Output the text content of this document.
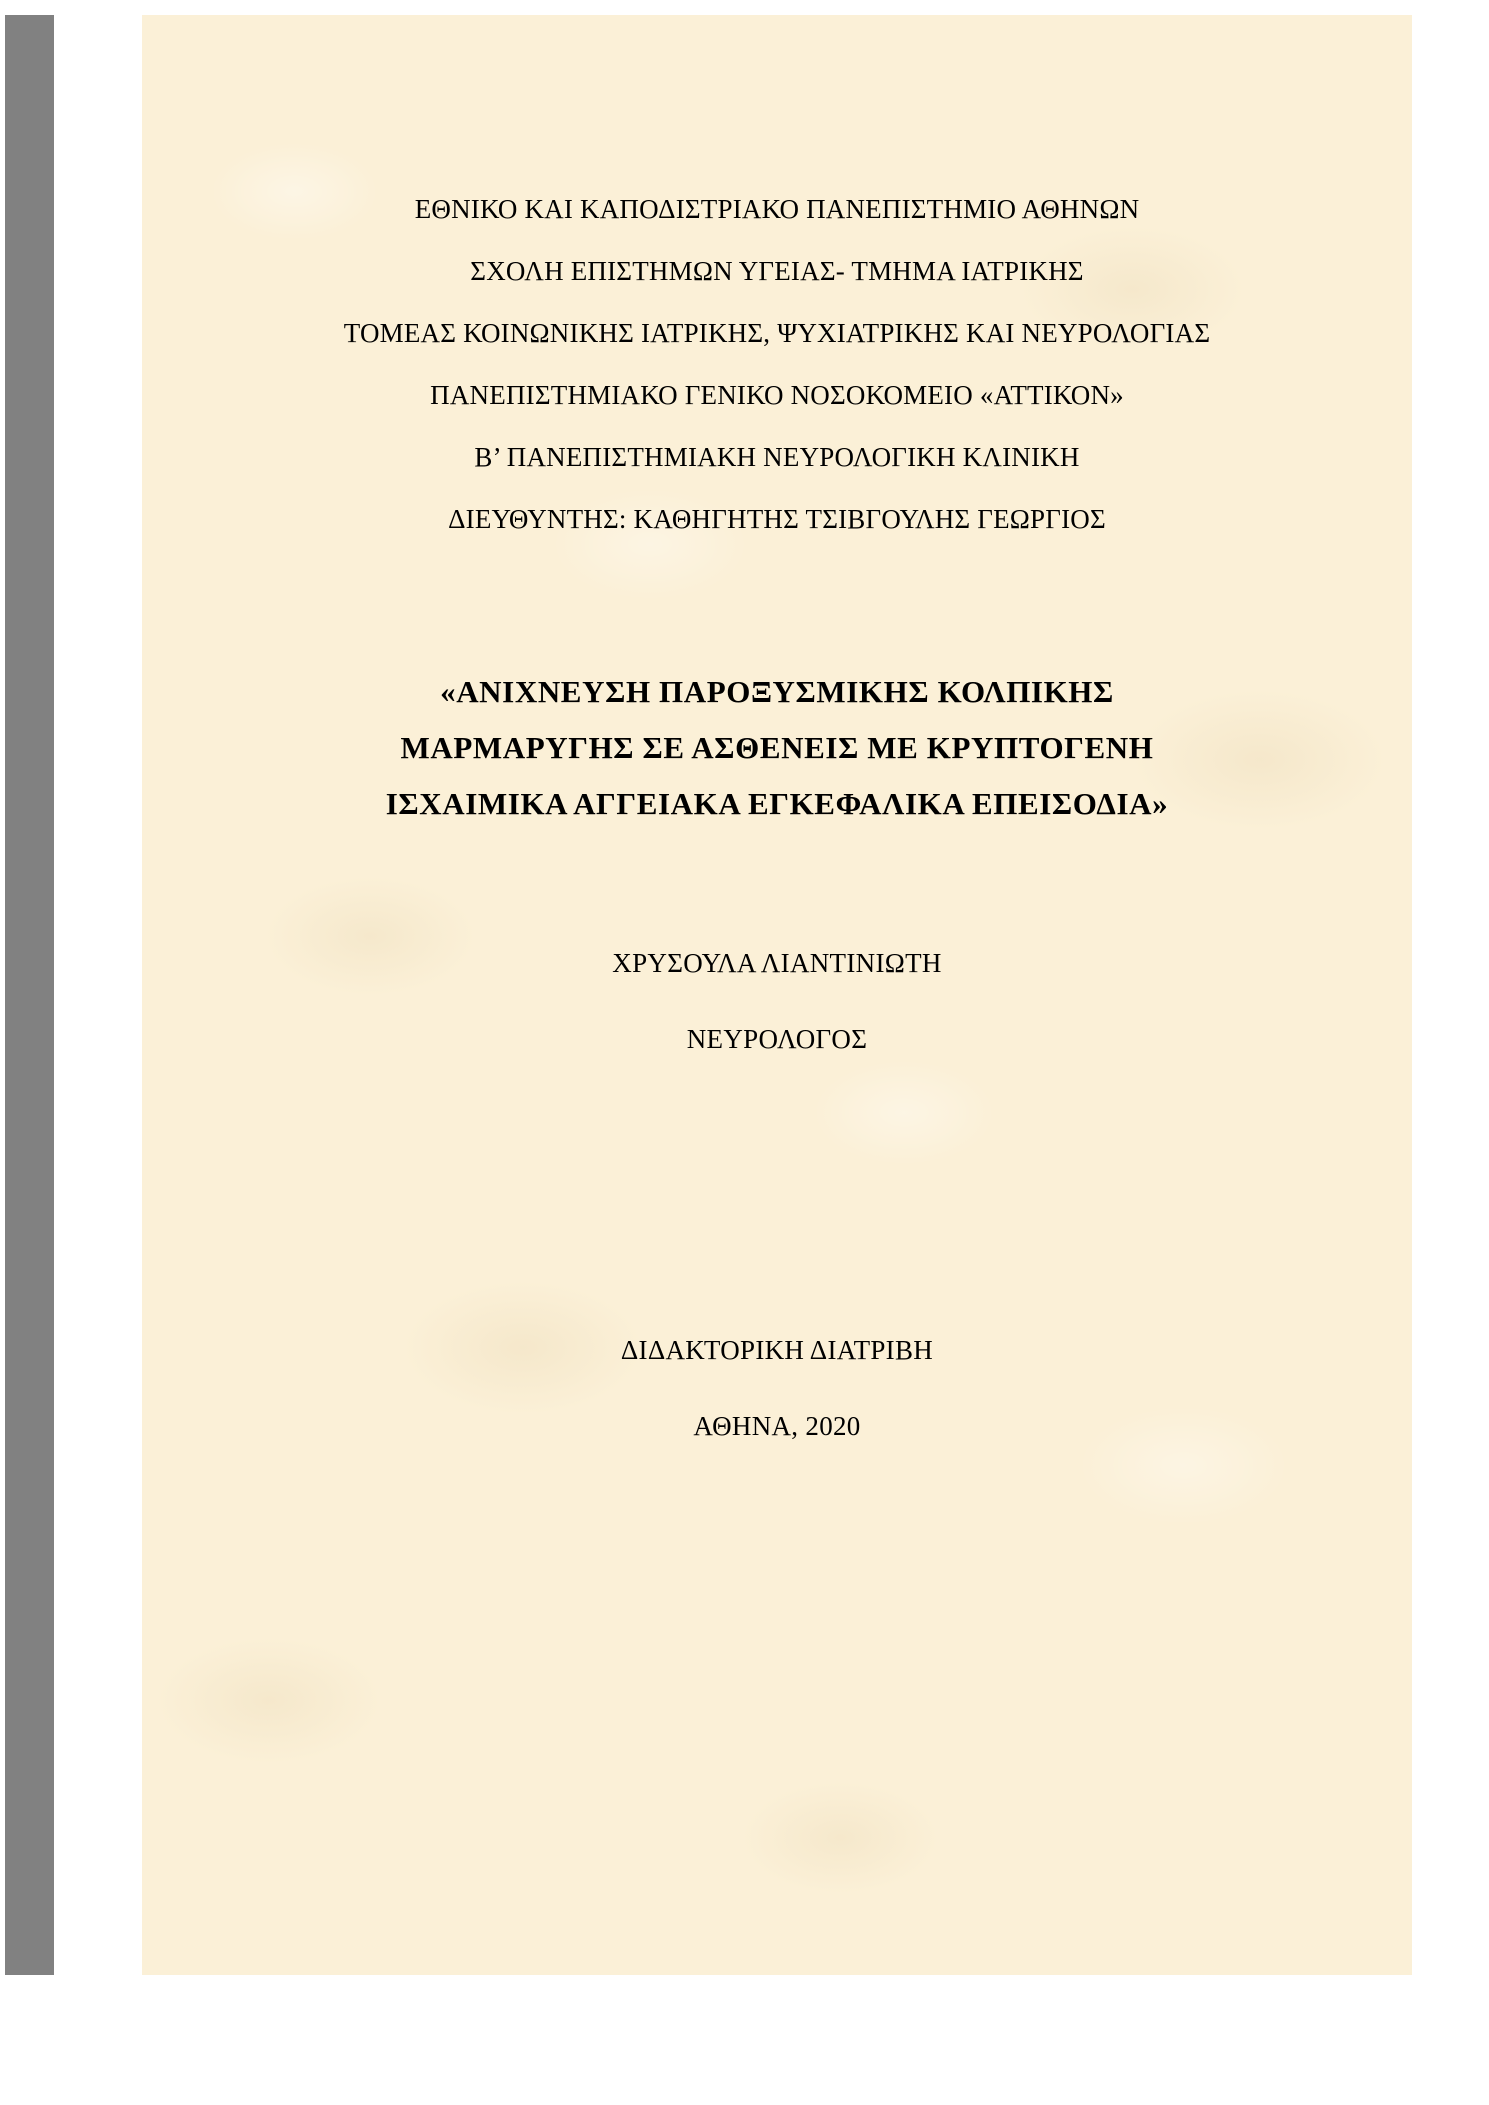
ΕΘΝΙΚΟ ΚΑΙ ΚΑΠΟΔΙΣΤΡΙΑΚΟ ΠΑΝΕΠΙΣΤΗΜΙΟ ΑΘΗΝΩΝ
ΣΧΟΛΗ ΕΠΙΣΤΗΜΩΝ ΥΓΕΙΑΣ- ΤΜΗΜΑ ΙΑΤΡΙΚΗΣ
ΤΟΜΕΑΣ ΚΟΙΝΩΝΙΚΗΣ ΙΑΤΡΙΚΗΣ, ΨΥΧΙΑΤΡΙΚΗΣ ΚΑΙ ΝΕΥΡΟΛΟΓΙΑΣ
ΠΑΝΕΠΙΣΤΗΜΙΑΚΟ ΓΕΝΙΚΟ ΝΟΣΟΚΟΜΕΙΟ «ΑΤΤΙΚΟΝ»
Β’ ΠΑΝΕΠΙΣΤΗΜΙΑΚΗ ΝΕΥΡΟΛΟΓΙΚΗ ΚΛΙΝΙΚΗ
ΔΙΕΥΘΥΝΤΗΣ: ΚΑΘΗΓΗΤΗΣ ΤΣΙΒΓΟΥΛΗΣ ΓΕΩΡΓΙΟΣ
«ΑΝΙΧΝΕΥΣΗ ΠΑΡΟΞΥΣΜΙΚΗΣ ΚΟΛΠΙΚΗΣ
ΜΑΡΜΑΡΥΓΗΣ ΣΕ ΑΣΘΕΝΕΙΣ ΜΕ ΚΡΥΠΤΟΓΕΝΗ
ΙΣΧΑΙΜΙΚΑ ΑΓΓΕΙΑΚΑ ΕΓΚΕΦΑΛΙΚΑ ΕΠΕΙΣΟΔΙΑ»
ΧΡΥΣΟΥΛΑ ΛΙΑΝΤΙΝΙΩΤΗ
ΝΕΥΡΟΛΟΓΟΣ
ΔΙΔΑΚΤΟΡΙΚΗ ΔΙΑΤΡΙΒΗ
ΑΘΗΝΑ, 2020
